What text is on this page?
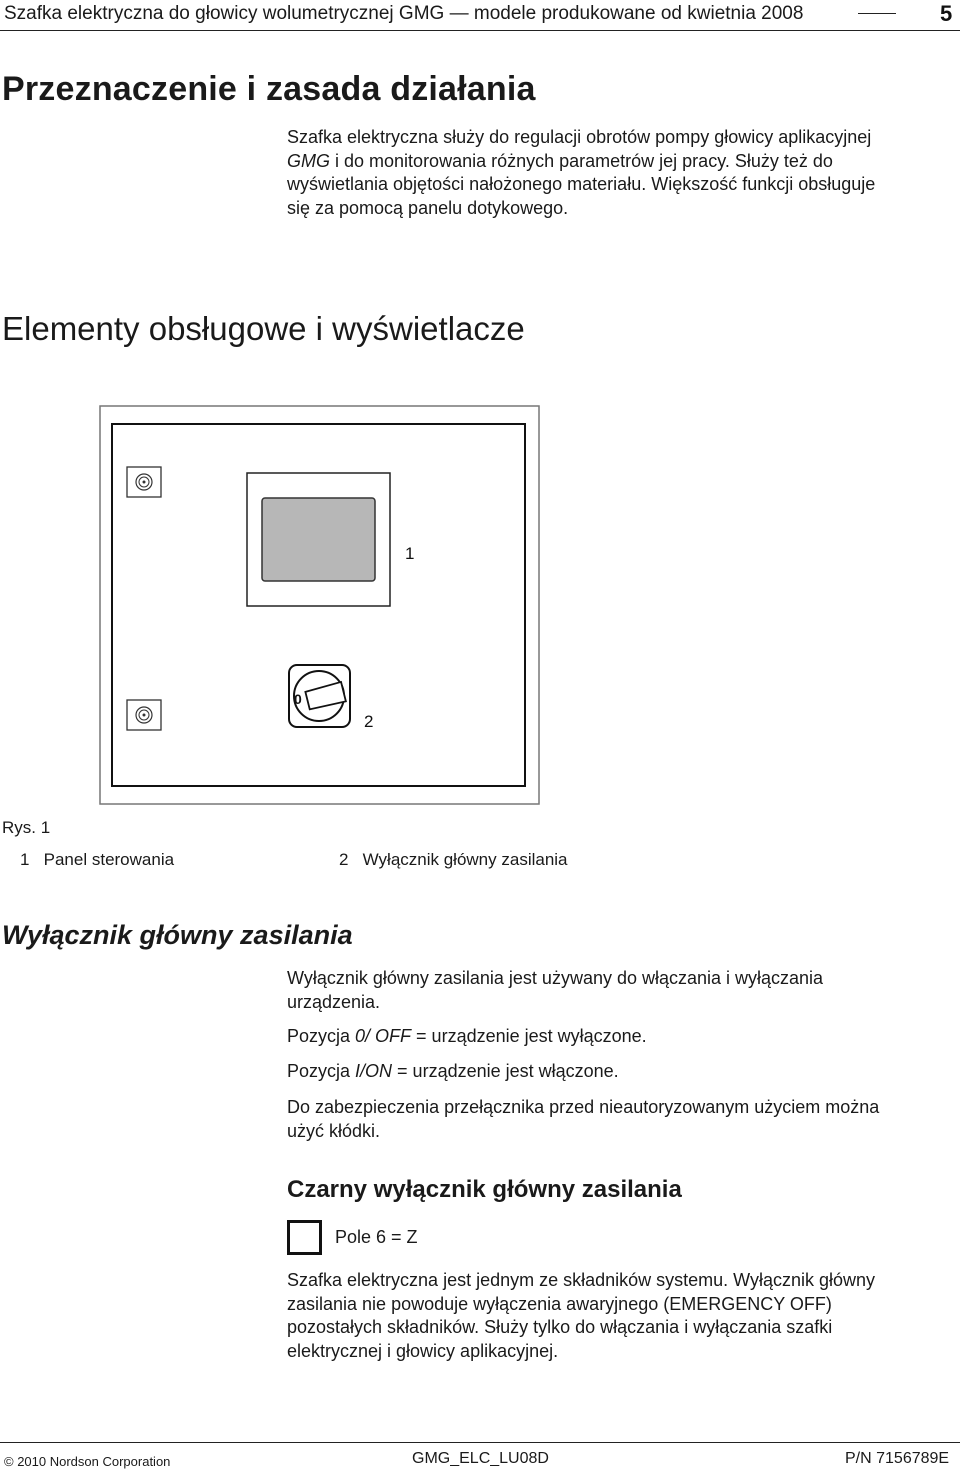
Szafka elektryczna do głowicy wolumetrycznej GMG — modele produkowane od kwietnia 2008	5
Przeznaczenie i zasada działania
Szafka elektryczna służy do regulacji obrotów pompy głowicy aplikacyjnej
GMG i do monitorowania różnych parametrów jej pracy. Służy też do
wyświetlania objętości nałożonego materiału. Większość funkcji obsługuje
się za pomocą panelu dotykowego.
Elementy obsługowe i wyświetlacze
1
0
2
Rys. 1
1 Panel sterowania	2 Wyłącznik główny zasilania
Wyłącznik główny zasilania
Wyłącznik główny zasilania jest używany do włączania i wyłączania
urządzenia.
Pozycja 0/ OFF = urządzenie jest wyłączone.
Pozycja I/ON = urządzenie jest włączone.
Do zabezpieczenia przełącznika przed nieautoryzowanym użyciem można
użyć kłódki.
Czarny wyłącznik główny zasilania
Pole 6 = Z
Szafka elektryczna jest jednym ze składników systemu. Wyłącznik główny
zasilania nie powoduje wyłączenia awaryjnego (EMERGENCY OFF)
pozostałych składników. Służy tylko do włączania i wyłączania szafki
elektrycznej i głowicy aplikacyjnej.
© 2010 Nordson Corporation	GMG_ELC_LU08D	P/N 7156789E
